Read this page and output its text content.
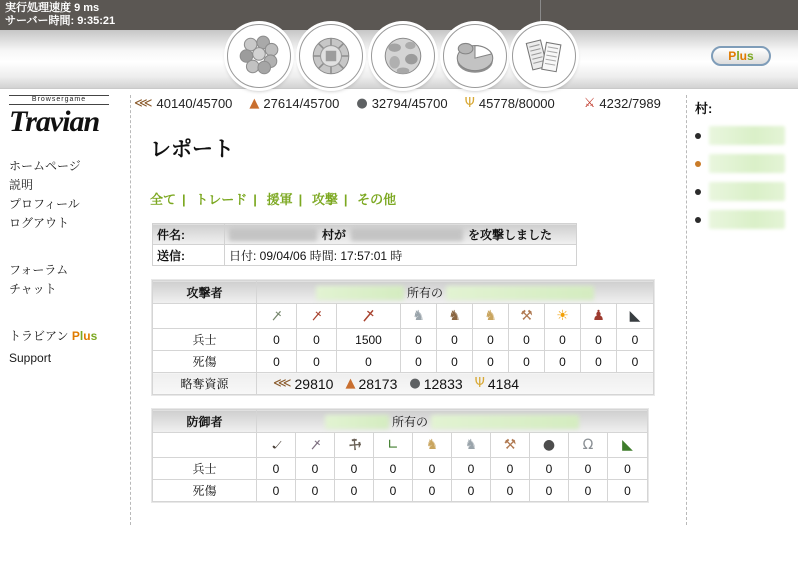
実行処理速度 9 ms
サーバー時間: 9:35:21
Plus
Browsergame
Travian
ホームページ
説明
プロフィール
ログアウト
フォーラム
チャット
トラビアン Plus
Support
⋘ 40140/45700 ▲ 27614/45700 ● 32794/45700 Ψ 45778/80000 ⚔ 4232/7989
レポート
全て | トレード | 援軍 | 攻撃 | その他
件名:	村が を攻撃しました

送信:	日付: 09/04/06 時間: 17:57:01 時
攻撃者	所有の									
	†	†	†	♞	♞	♞	⚒	☀	♟	◣
兵士	0	0	1500	0	0	0	0	0	0	0
死傷	0	0	0	0	0	0	0	0	0	0
略奪資源	⋘ 29810 ▲ 28173 ● 12833 Ψ 4184
防御者	所有の									
	♩	†	⚒	∟	♞	♞	⚒	●	Ω	◣
兵士	0	0	0	0	0	0	0	0	0	0
死傷	0	0	0	0	0	0	0	0	0	0
村:
